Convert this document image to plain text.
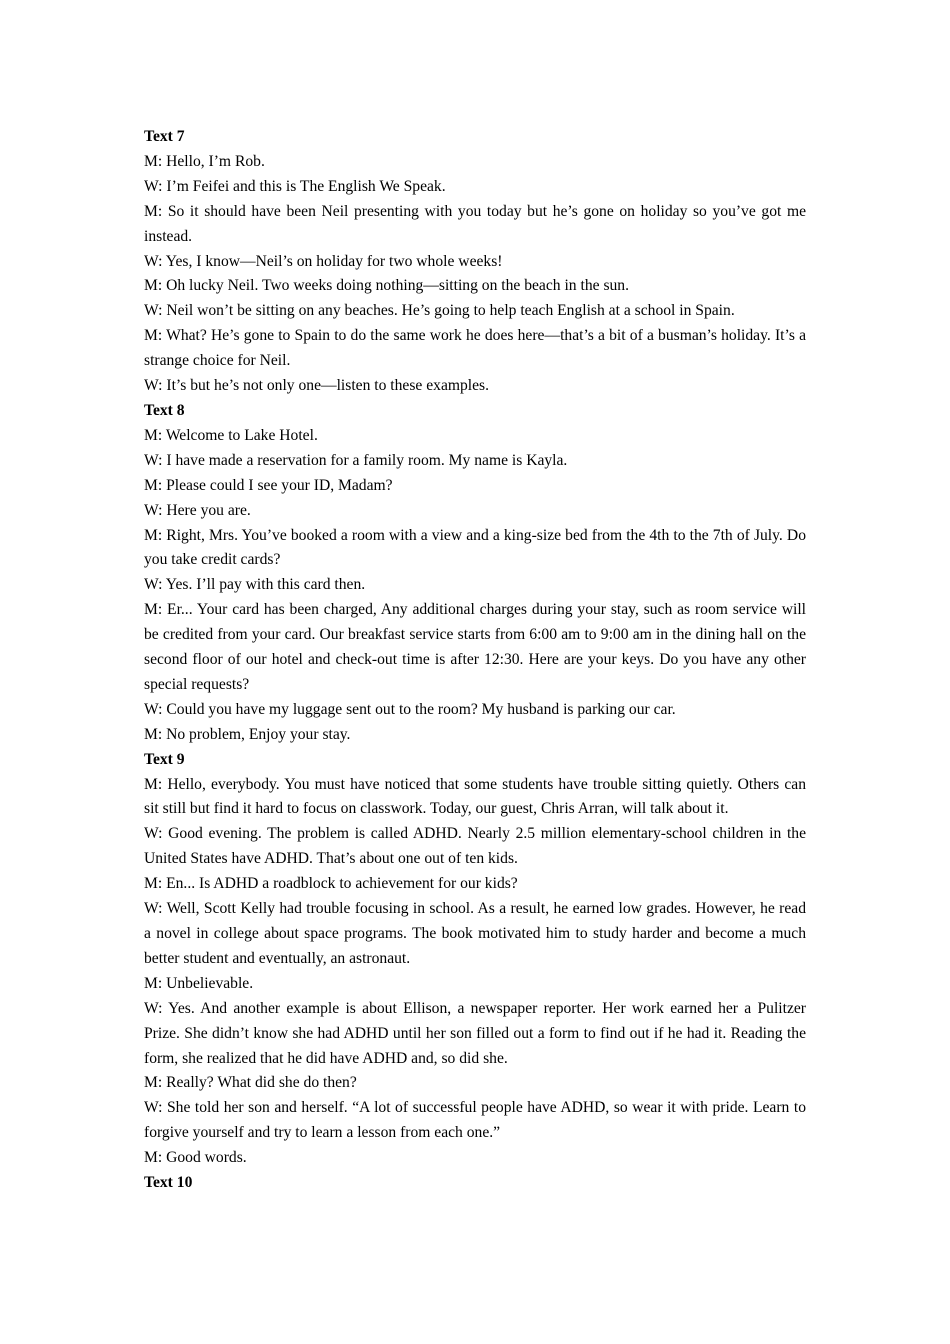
Text 7

M: Hello, I’m Rob.

W: I’m Feifei and this is The English We Speak.

M: So it should have been Neil presenting with you today but he’s gone on holiday so you’ve got me instead.

W: Yes, I know—Neil’s on holiday for two whole weeks!

M: Oh lucky Neil. Two weeks doing nothing—sitting on the beach in the sun.

W: Neil won’t be sitting on any beaches. He’s going to help teach English at a school in Spain.

M: What? He’s gone to Spain to do the same work he does here—that’s a bit of a busman’s holiday. It’s a strange choice for Neil.

W: It’s but he’s not only one—listen to these examples.

Text 8

M: Welcome to Lake Hotel.

W: I have made a reservation for a family room. My name is Kayla.

M: Please could I see your ID, Madam?

W: Here you are.

M: Right, Mrs. You’ve booked a room with a view and a king-size bed from the 4th to the 7th of July. Do you take credit cards?

W: Yes. I’ll pay with this card then.

M: Er... Your card has been charged, Any additional charges during your stay, such as room service will be credited from your card. Our breakfast service starts from 6:00 am to 9:00 am in the dining hall on the second floor of our hotel and check-out time is after 12:30. Here are your keys. Do you have any other special requests?

W: Could you have my luggage sent out to the room? My husband is parking our car.

M: No problem, Enjoy your stay.

Text 9

M: Hello, everybody. You must have noticed that some students have trouble sitting quietly. Others can sit still but find it hard to focus on classwork. Today, our guest, Chris Arran, will talk about it.

W: Good evening. The problem is called ADHD. Nearly 2.5 million elementary-school children in the United States have ADHD. That’s about one out of ten kids.

M: En... Is ADHD a roadblock to achievement for our kids?

W: Well, Scott Kelly had trouble focusing in school. As a result, he earned low grades. However, he read a novel in college about space programs. The book motivated him to study harder and become a much better student and eventually, an astronaut.

M: Unbelievable.

W: Yes. And another example is about Ellison, a newspaper reporter. Her work earned her a Pulitzer Prize. She didn’t know she had ADHD until her son filled out a form to find out if he had it. Reading the form, she realized that he did have ADHD and, so did she.

M: Really? What did she do then?

W: She told her son and herself. “A lot of successful people have ADHD, so wear it with pride. Learn to forgive yourself and try to learn a lesson from each one.”

M: Good words.

Text 10
